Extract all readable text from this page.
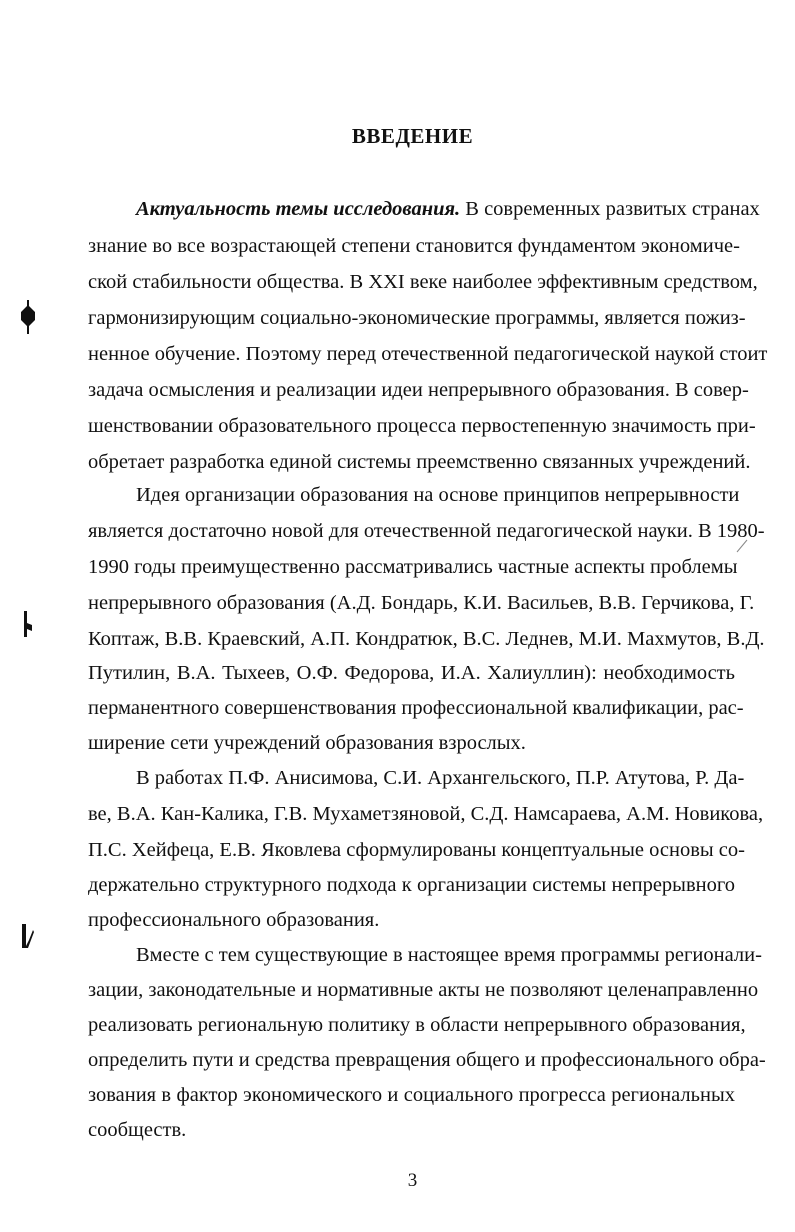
ВВЕДЕНИЕ
Актуальность темы исследования. В современных развитых странах
знание во все возрастающей степени становится фундаментом экономиче-
ской стабильности общества. В XXI веке наиболее эффективным средством,
гармонизирующим социально-экономические программы, является пожиз-
ненное обучение. Поэтому перед отечественной педагогической наукой стоит
задача осмысления и реализации идеи непрерывного образования. В совер-
шенствовании образовательного процесса первостепенную значимость при-
обретает разработка единой системы преемственно связанных учреждений.
Идея организации образования на основе принципов непрерывности
является достаточно новой для отечественной педагогической науки. В 1980-
1990 годы преимущественно рассматривались частные аспекты проблемы
непрерывного образования (А.Д. Бондарь, К.И. Васильев, В.В. Герчикова, Г.
Коптаж, В.В. Краевский, А.П. Кондратюк, В.С. Леднев, М.И. Махмутов, В.Д.
Путилин, В.А. Тыхеев, О.Ф. Федорова, И.А. Халиуллин): необходимость
перманентного совершенствования профессиональной квалификации, рас-
ширение сети учреждений образования взрослых.
В работах П.Ф. Анисимова, С.И. Архангельского, П.Р. Атутова, Р. Да-
ве, В.А. Кан-Калика, Г.В. Мухаметзяновой, С.Д. Намсараева, А.М. Новикова,
П.С. Хейфеца, Е.В. Яковлева сформулированы концептуальные основы со-
держательно структурного подхода к организации системы непрерывного
профессионального образования.
Вместе с тем существующие в настоящее время программы регионали-
зации, законодательные и нормативные акты не позволяют целенаправленно
реализовать региональную политику в области непрерывного образования,
определить пути и средства превращения общего и профессионального обра-
зования в фактор экономического и социального прогресса региональных
сообществ.
3
